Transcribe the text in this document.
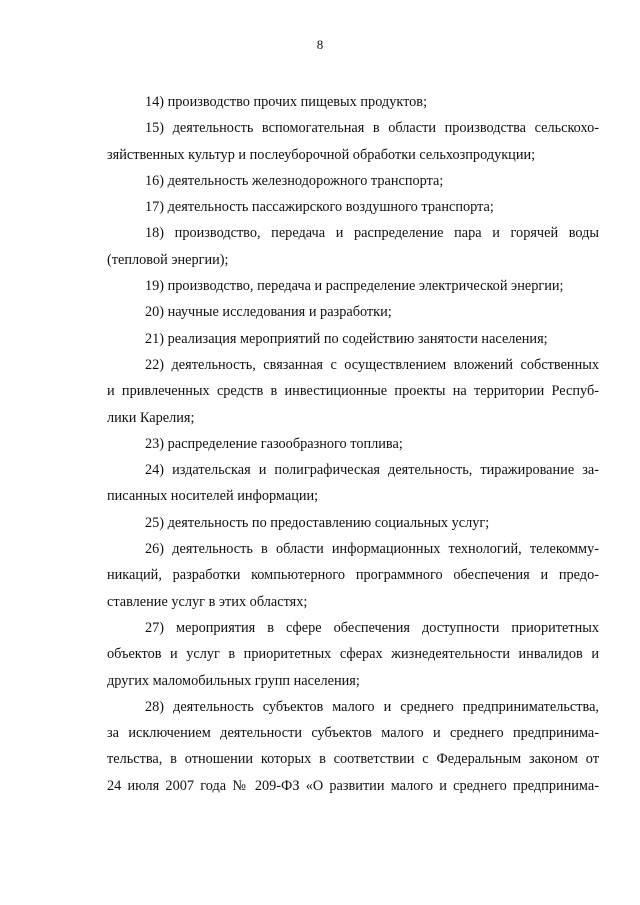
8
14) производство прочих пищевых продуктов;
15) деятельность вспомогательная в области производства сельскохо-
зяйственных культур и послеуборочной обработки сельхозпродукции;
16) деятельность железнодорожного транспорта;
17) деятельность пассажирского воздушного транспорта;
18) производство, передача и распределение пара и горячей воды
(тепловой энергии);
19) производство, передача и распределение электрической энергии;
20) научные исследования и разработки;
21) реализация мероприятий по содействию занятости населения;
22) деятельность, связанная с осуществлением вложений собственных
и привлеченных средств в инвестиционные проекты на территории Респуб-
лики Карелия;
23) распределение газообразного топлива;
24) издательская и полиграфическая деятельность, тиражирование за-
писанных носителей информации;
25) деятельность по предоставлению социальных услуг;
26) деятельность в области информационных технологий, телекомму-
никаций, разработки компьютерного программного обеспечения и предо-
ставление услуг в этих областях;
27) мероприятия в сфере обеспечения доступности приоритетных
объектов и услуг в приоритетных сферах жизнедеятельности инвалидов и
других маломобильных групп населения;
28) деятельность субъектов малого и среднего предпринимательства,
за исключением деятельности субъектов малого и среднего предпринима-
тельства, в отношении которых в соответствии с Федеральным законом от
24 июля 2007 года № 209-ФЗ «О развитии малого и среднего предпринима-
